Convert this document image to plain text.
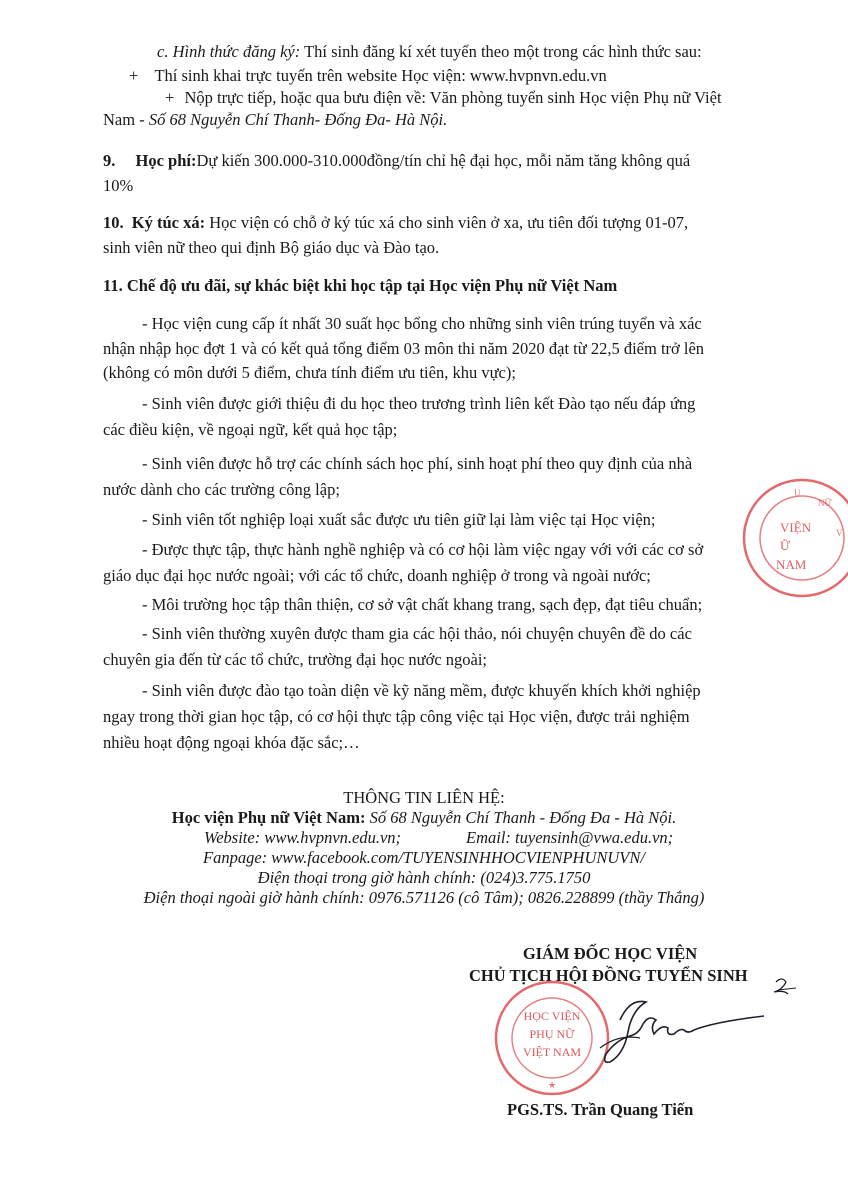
c. Hình thức đăng ký: Thí sinh đăng kí xét tuyển theo một trong các hình thức sau:
+ Thí sinh khai trực tuyến trên website Học viện: www.hvpnvn.edu.vn
+ Nộp trực tiếp, hoặc qua bưu điện về: Văn phòng tuyển sinh Học viện Phụ nữ Việt
Nam - Số 68 Nguyễn Chí Thanh- Đống Đa- Hà Nội.
9. Học phí:Dự kiến 300.000-310.000đồng/tín chỉ hệ đại học, mỗi năm tăng không quá
10%
10. Ký túc xá: Học viện có chỗ ở ký túc xá cho sinh viên ở xa, ưu tiên đối tượng 01-07,
sinh viên nữ theo qui định Bộ giáo dục và Đào tạo.
11. Chế độ ưu đãi, sự khác biệt khi học tập tại Học viện Phụ nữ Việt Nam
- Học viện cung cấp ít nhất 30 suất học bổng cho những sinh viên trúng tuyển và xác
nhận nhập học đợt 1 và có kết quả tổng điểm 03 môn thi năm 2020 đạt từ 22,5 điểm trở lên
(không có môn dưới 5 điểm, chưa tính điểm ưu tiên, khu vực);
- Sinh viên được giới thiệu đi du học theo trương trình liên kết Đào tạo nếu đáp ứng
các điều kiện, về ngoại ngữ, kết quả học tập;
- Sinh viên được hỗ trợ các chính sách học phí, sinh hoạt phí theo quy định của nhà
nước dành cho các trường công lập;
- Sinh viên tốt nghiệp loại xuất sắc được ưu tiên giữ lại làm việc tại Học viện;
- Được thực tập, thực hành nghề nghiệp và có cơ hội làm việc ngay với với các cơ sở
giáo dục đại học nước ngoài; với các tổ chức, doanh nghiệp ở trong và ngoài nước;
- Môi trường học tập thân thiện, cơ sở vật chất khang trang, sạch đẹp, đạt tiêu chuẩn;
- Sinh viên thường xuyên được tham gia các hội thảo, nói chuyện chuyên đề do các
chuyên gia đến từ các tổ chức, trường đại học nước ngoài;
- Sinh viên được đào tạo toàn diện về kỹ năng mềm, được khuyến khích khởi nghiệp
ngay trong thời gian học tập, có cơ hội thực tập công việc tại Học viện, được trải nghiệm
nhiều hoạt động ngoại khóa đặc sắc;…
VIỆN
Ữ
NAM
U
NỮ
V
THÔNG TIN LIÊN HỆ:
Học viện Phụ nữ Việt Nam: Số 68 Nguyễn Chí Thanh - Đống Đa - Hà Nội.
Website: www.hvpnvn.edu.vn;	Email: tuyensinh@vwa.edu.vn;
Fanpage: www.facebook.com/TUYENSINHHOCVIENPHUNUVN/
Điện thoại trong giờ hành chính: (024)3.775.1750
Điện thoại ngoài giờ hành chính: 0976.571126 (cô Tâm); 0826.228899 (thầy Thắng)
GIÁM ĐỐC HỌC VIỆN
CHỦ TỊCH HỘI ĐỒNG TUYỂN SINH
HỌC VIỆN
PHỤ NỮ
VIỆT NAM
★
PGS.TS. Trần Quang Tiến
